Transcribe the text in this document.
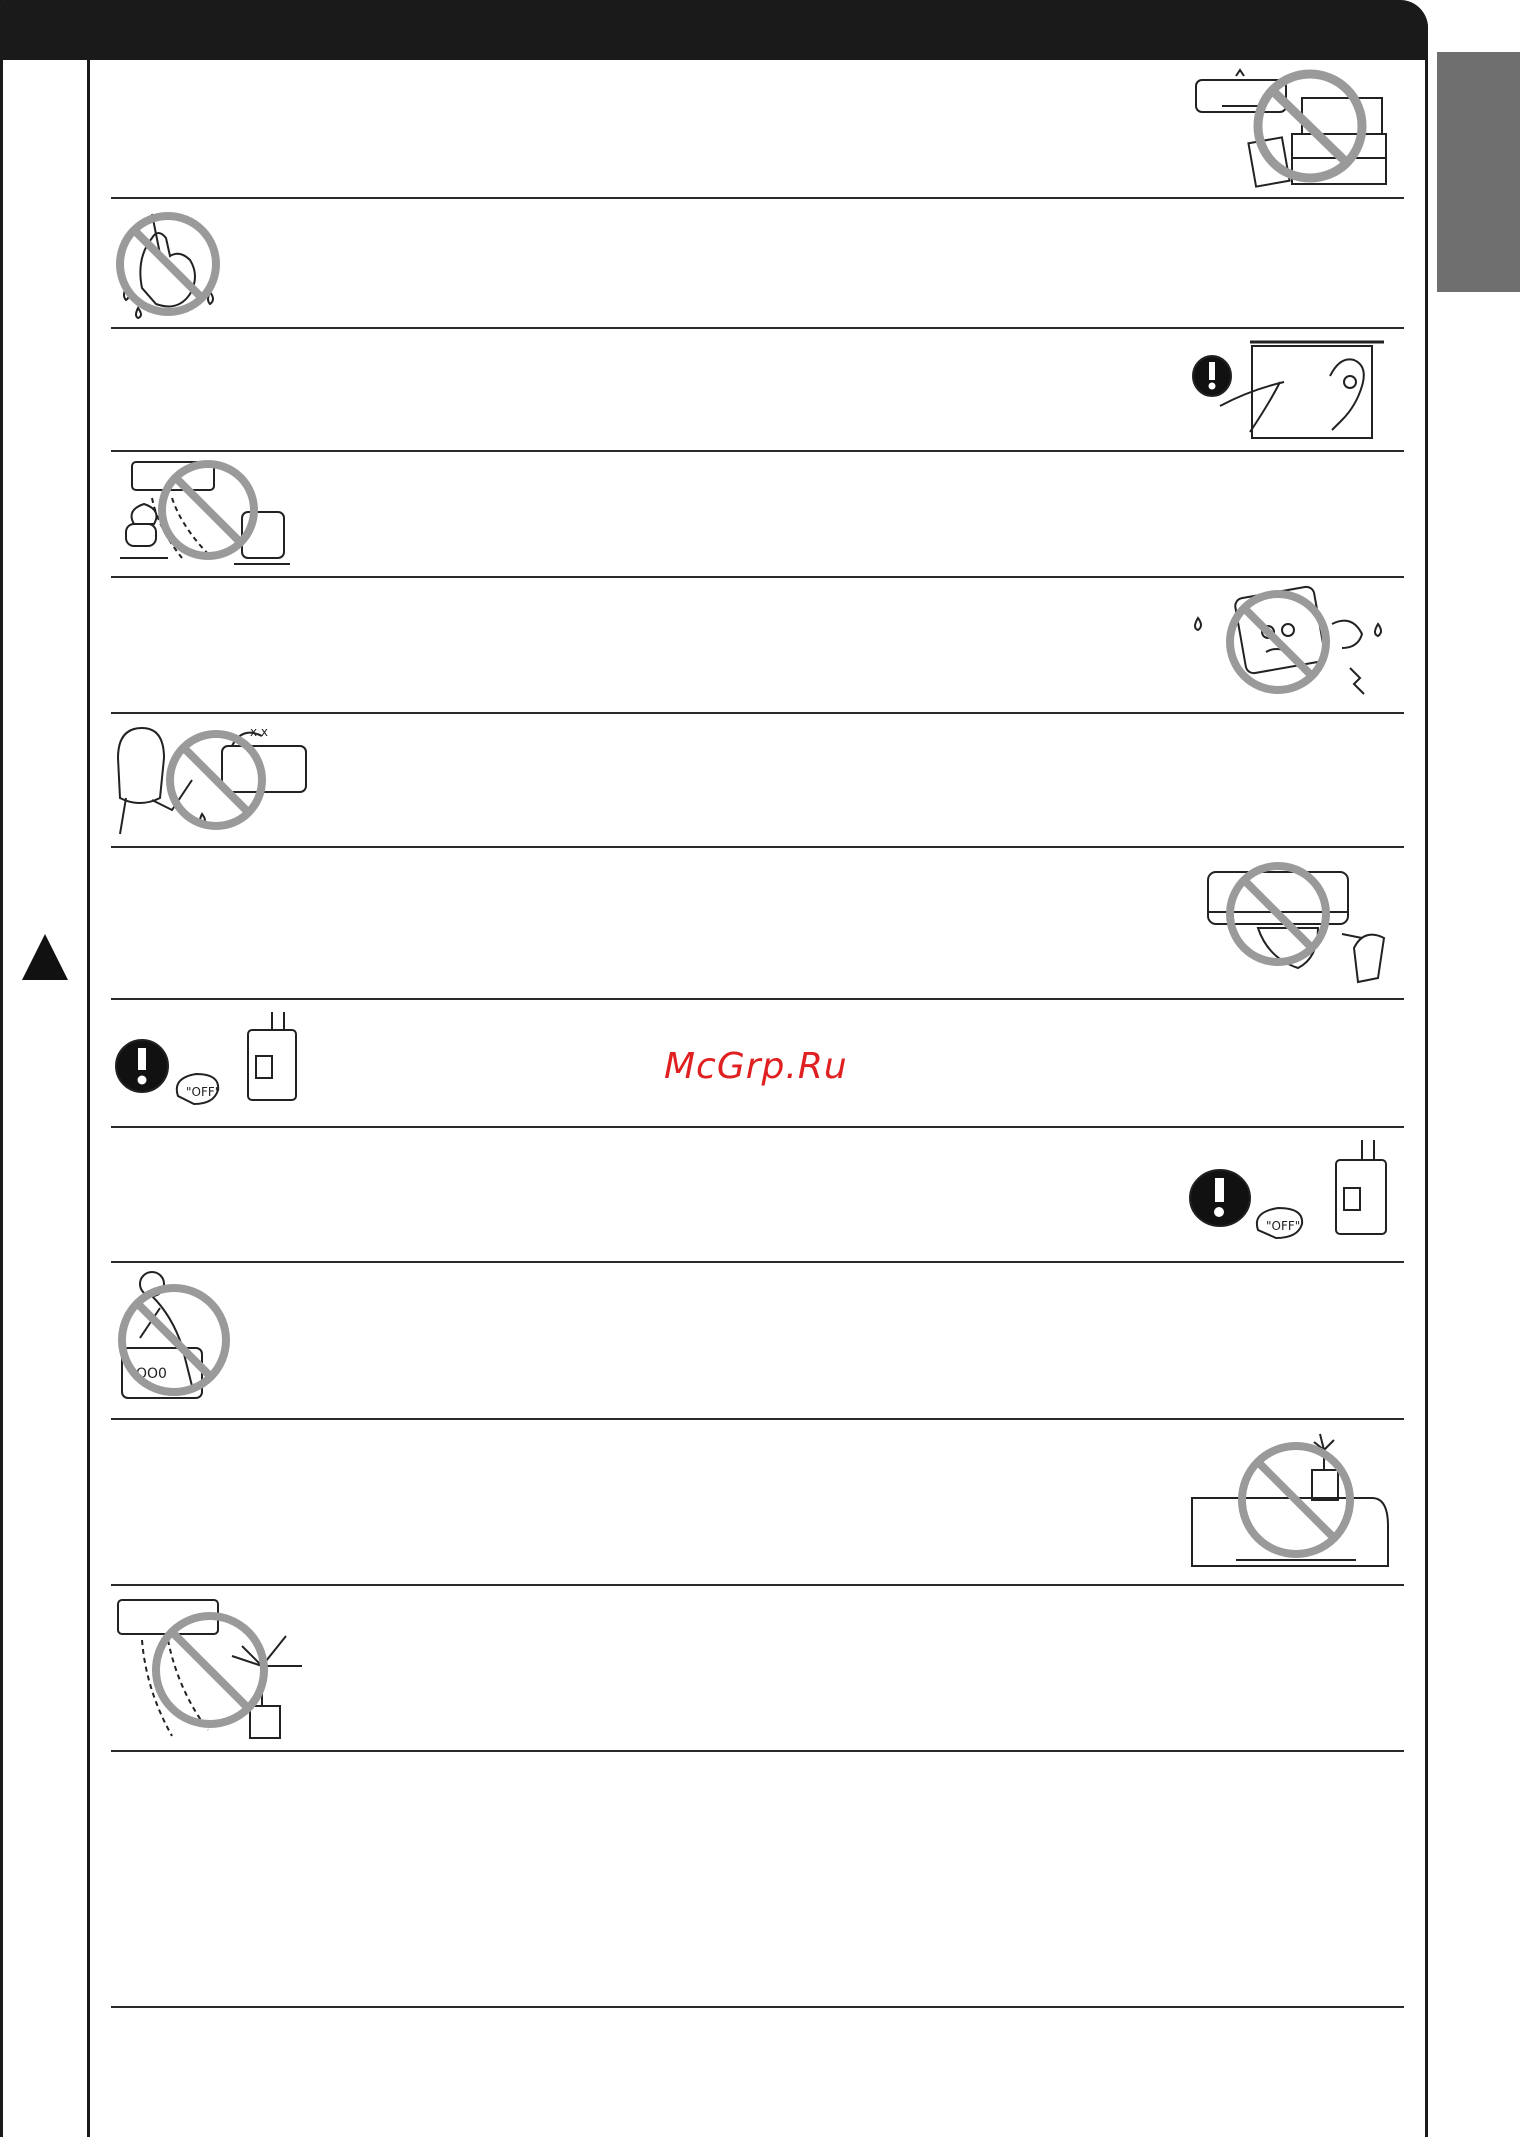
x x
"OFF"
"OFF"
OO0
McGrp.Ru
